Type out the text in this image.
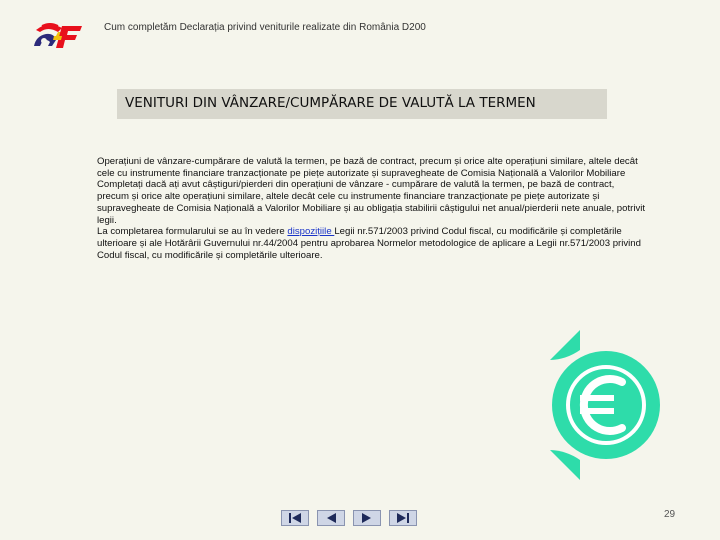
Cum completăm Declarația privind veniturile realizate din România D200
VENITURI DIN VÂNZARE/CUMPĂRARE DE VALUTĂ LA TERMEN

Operațiuni de vânzare-cumpărare de valută la termen, pe bază de contract, precum și orice alte operațiuni similare, altele decât cele cu instrumente financiare tranzacționate pe piețe autorizate și supravegheate de Comisia Națională a Valorilor Mobiliare

Completați dacă ați avut câștiguri/pierderi din operațiuni de vânzare - cumpărare de valută la termen, pe bază de contract, precum și orice alte operațiuni similare, altele decât cele cu instrumente financiare tranzacționate pe piețe autorizate și supravegheate de Comisia Națională a Valorilor Mobiliare și au obligația stabilirii câștigului net anual/pierderii nete anuale, potrivit legii.

La completarea formularului se au în vedere dispozițiile Legii nr.571/2003 privind Codul fiscal, cu modificările și completările ulterioare și ale Hotărârii Guvernului nr.44/2004 pentru aprobarea Normelor metodologice de aplicare a Legii nr.571/2003 privind Codul fiscal, cu modificările și completările ulterioare.

29
